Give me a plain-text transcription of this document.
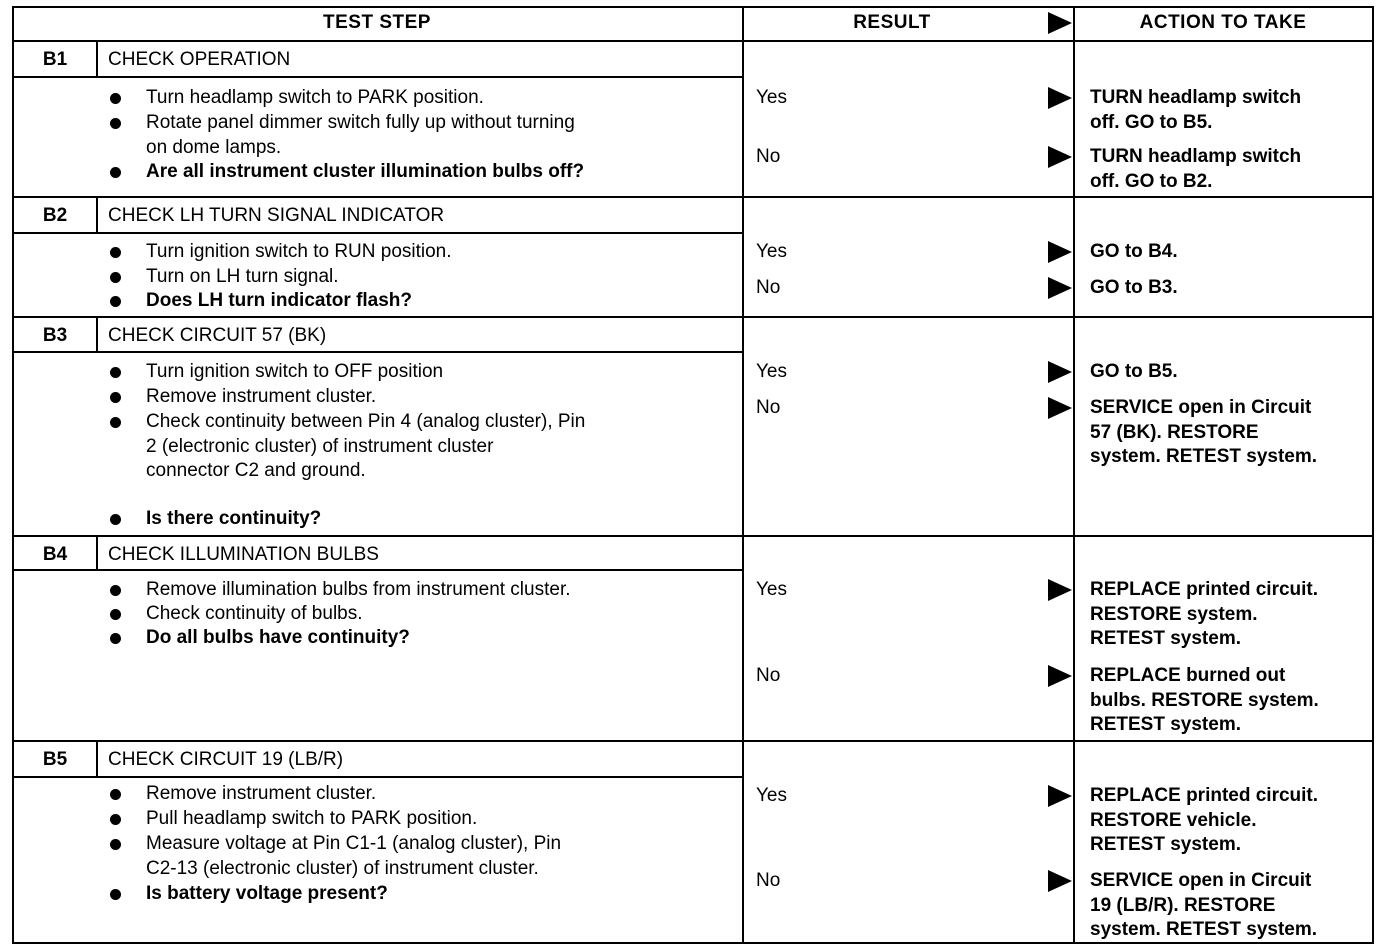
TEST STEP	RESULT	ACTION TO TAKE
B1	CHECK OPERATION
Turn headlamp switch to PARK position.
Rotate panel dimmer switch fully up without turning
on dome lamps.
Are all instrument cluster illumination bulbs off?
Yes	TURN headlamp switch
off. GO to B5.
No	TURN headlamp switch
off. GO to B2.
B2	CHECK LH TURN SIGNAL INDICATOR
Turn ignition switch to RUN position.
Turn on LH turn signal.
Does LH turn indicator flash?
Yes	GO to B4.
No	GO to B3.
B3	CHECK CIRCUIT 57 (BK)
Turn ignition switch to OFF position
Remove instrument cluster.
Check continuity between Pin 4 (analog cluster), Pin
2 (electronic cluster) of instrument cluster
connector C2 and ground.
Is there continuity?
Yes	GO to B5.
No	SERVICE open in Circuit
57 (BK). RESTORE
system. RETEST system.
B4	CHECK ILLUMINATION BULBS
Remove illumination bulbs from instrument cluster.
Check continuity of bulbs.
Do all bulbs have continuity?
Yes	REPLACE printed circuit.
RESTORE system.
RETEST system.
No	REPLACE burned out
bulbs. RESTORE system.
RETEST system.
B5	CHECK CIRCUIT 19 (LB/R)
Remove instrument cluster.
Pull headlamp switch to PARK position.
Measure voltage at Pin C1-1 (analog cluster), Pin
C2-13 (electronic cluster) of instrument cluster.
Is battery voltage present?
Yes	REPLACE printed circuit.
RESTORE vehicle.
RETEST system.
No	SERVICE open in Circuit
19 (LB/R). RESTORE
system. RETEST system.
